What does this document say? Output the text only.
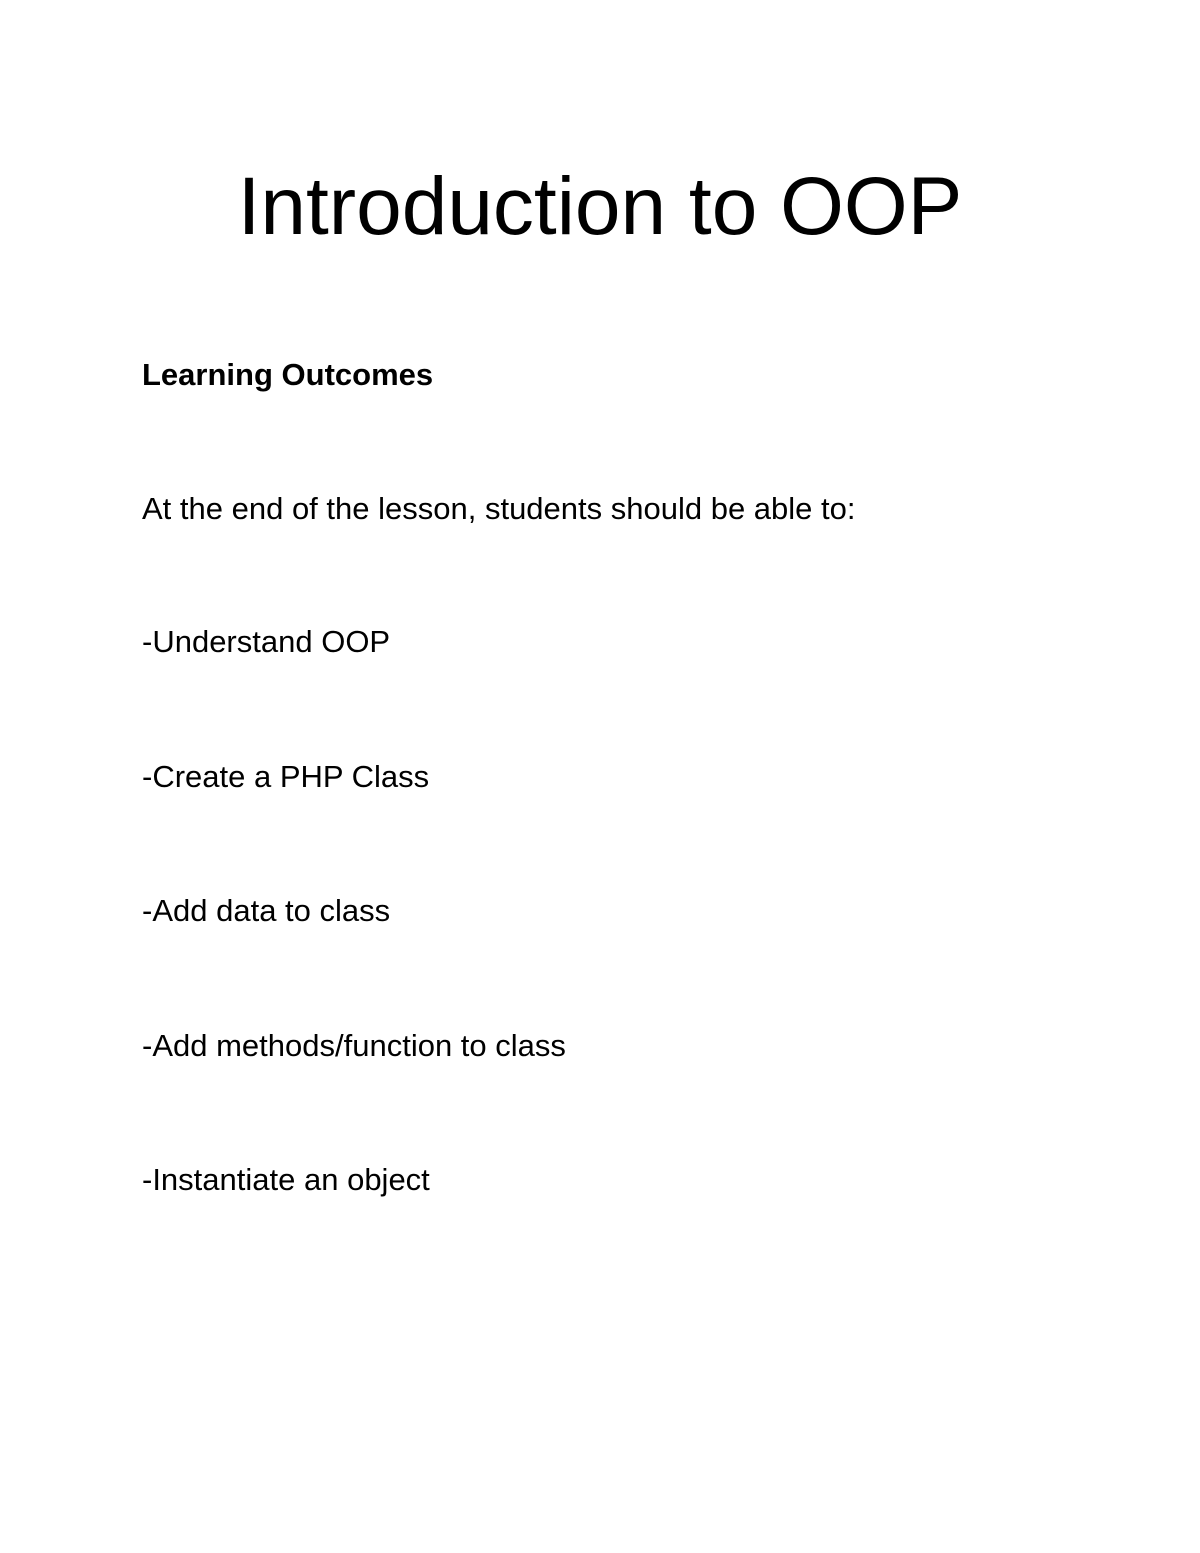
Introduction to OOP
Learning Outcomes

At the end of the lesson, students should be able to:

-Understand OOP
-Create a PHP Class
-Add data to class
-Add methods/function to class
-Instantiate an object
